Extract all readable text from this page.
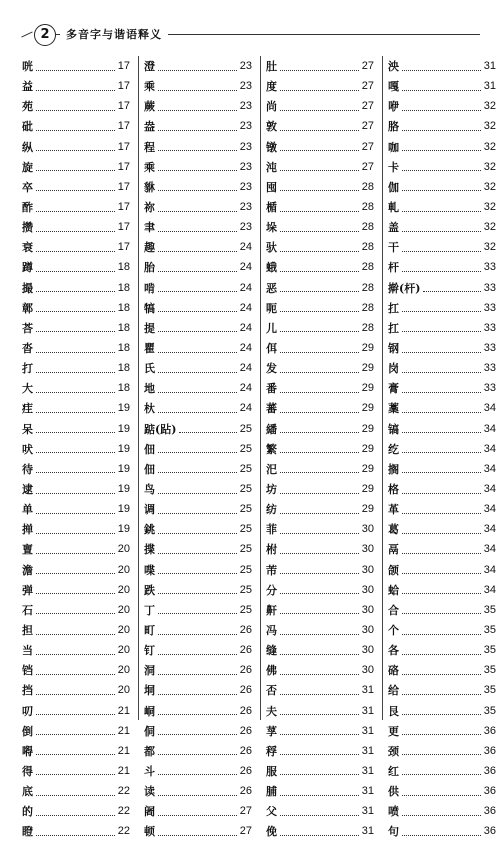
2	多音字与谐语释义
咣	17
益	17
苑	17
砒	17
纵	17
旋	17
卒	17
酢	17
攒	17
衰	17
蹲	18
撮	18
鄣	18
荅	18
沓	18
打	18
大	18
疰	19
呆	19
吠	19
待	19
逮	19
单	19
掸	19
亶	20
澹	20
弹	20
石	20
担	20
当	20
铛	20
挡	20
叨	21
倒	21
嘚	21
得	21
底	22
的	22
瞪	22
澄	23
乘	23
蕨	23
盎	23
程	23
乘	23
貅	23
祢	23
聿	23
趣	24
胎	24
啃	24
犒	24
提	24
瞿	24
氏	24
地	24
杕	24
踮(跕)	25
佃	25
佃	25
鸟	25
调	25
銚	25
揲	25
喋	25
跌	25
丁	25
町	26
钉	26
洞	26
垌	26
峒	26
侗	26
都	26
斗	26
读	26
阇	27
顿	27
肚	27
度	27
尚	27
敦	27
镦	27
沌	27
囤	28
楯	28
垛	28
驮	28
蛾	28
恶	28
呃	28
儿	28
佴	29
发	29
番	29
蕃	29
繙	29
繁	29
汜	29
坊	29
纺	29
菲	30
柎	30
芾	30
分	30
鼾	30
冯	30
缝	30
佛	30
否	31
夫	31
莩	31
稃	31
服	31
脯	31
父	31
俛	31
泱	31
嘎	31
咿	32
胳	32
咖	32
卡	32
伽	32
軋	32
盖	32
干	32
杆	33
擀(杆)	33
扛	33
扛	33
钢	33
岗	33
膏	33
藁	34
镐	34
纥	34
搁	34
格	34
革	34
葛	34
鬲	34
颌	34
蛤	34
合	35
个	35
各	35
硌	35
给	35
艮	35
更	36
颈	36
红	36
供	36
喷	36
句	36
